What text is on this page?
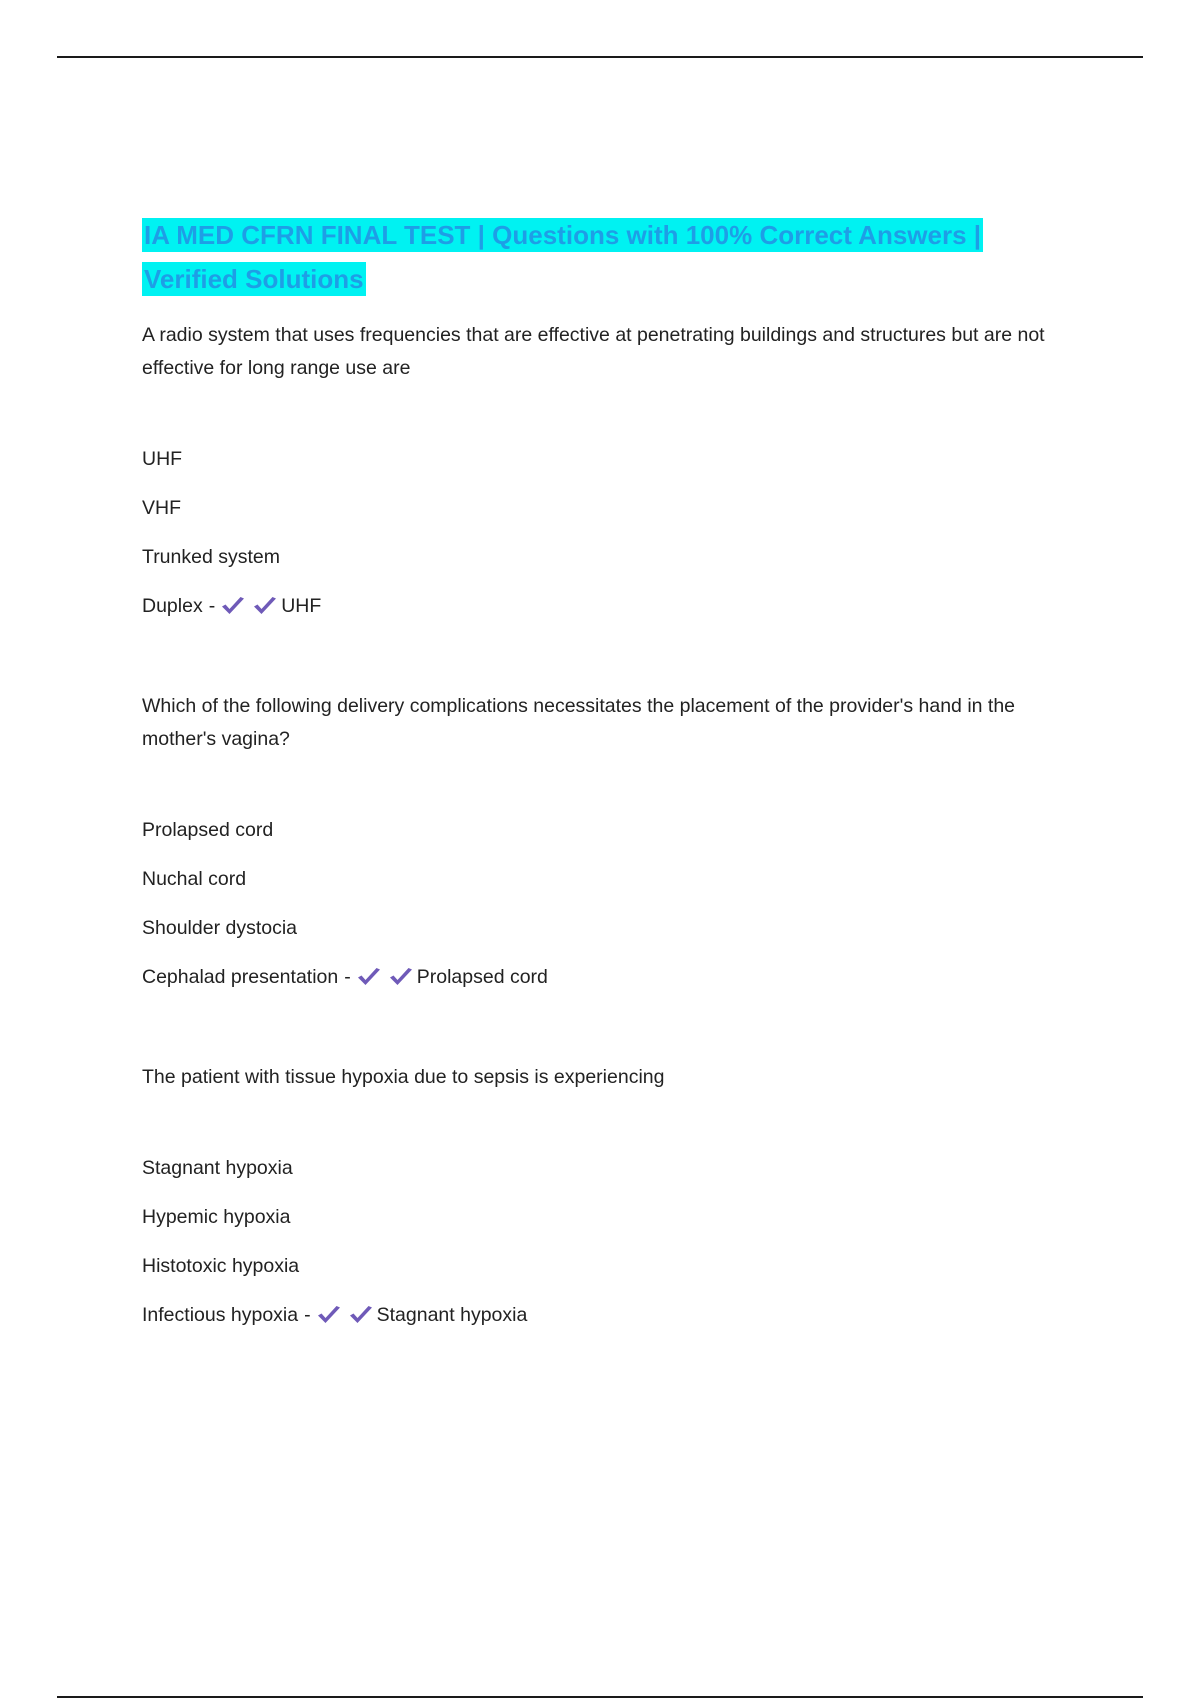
IA MED CFRN FINAL TEST | Questions with 100% Correct Answers | Verified Solutions

A radio system that uses frequencies that are effective at penetrating buildings and structures but are not effective for long range use are

UHF
VHF
Trunked system
Duplex -	UHF

Which of the following delivery complications necessitates the placement of the provider's hand in the mother's vagina?

Prolapsed cord
Nuchal cord
Shoulder dystocia
Cephalad presentation -	Prolapsed cord

The patient with tissue hypoxia due to sepsis is experiencing

Stagnant hypoxia
Hypemic hypoxia
Histotoxic hypoxia
Infectious hypoxia -	Stagnant hypoxia
